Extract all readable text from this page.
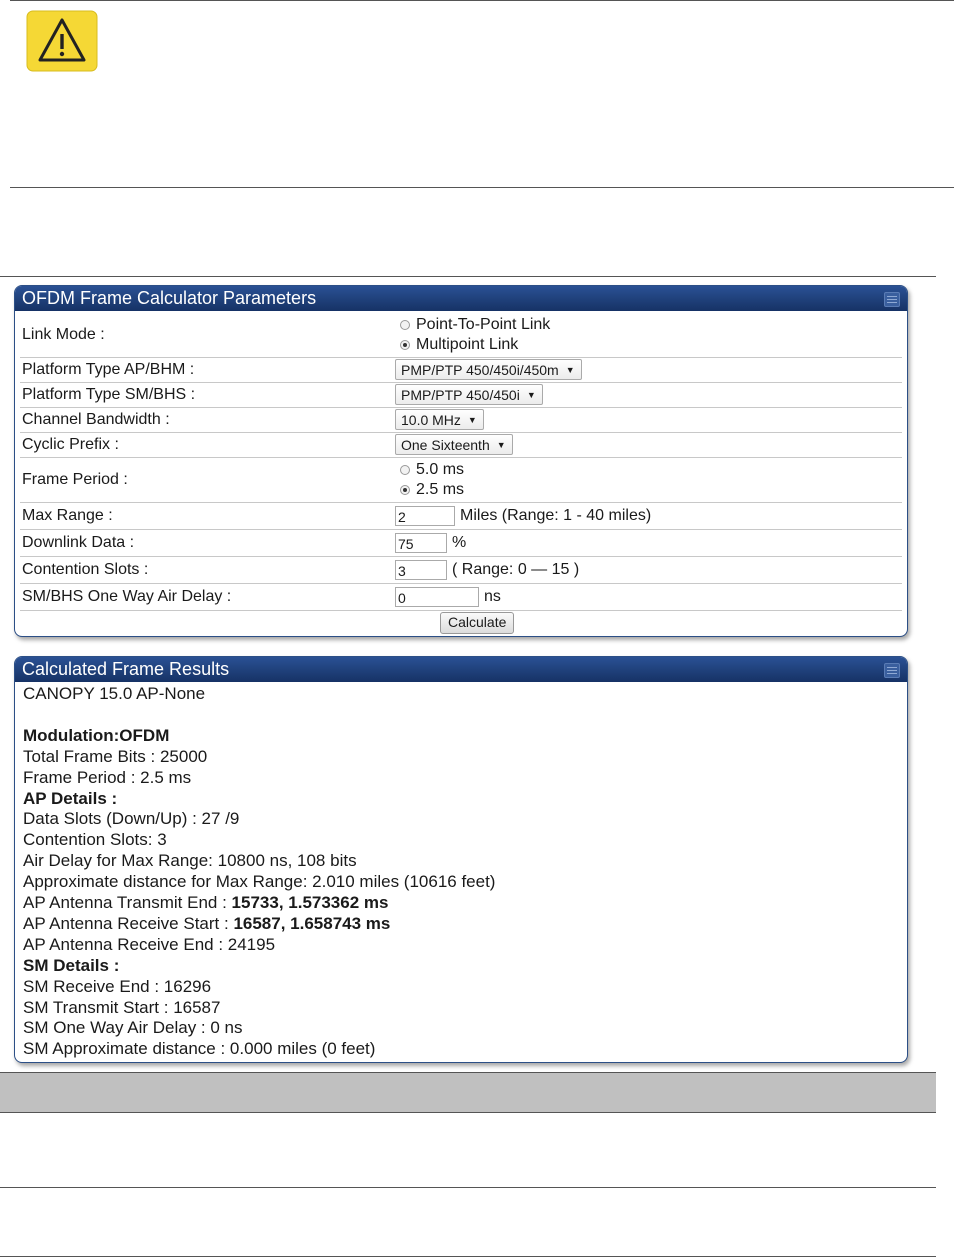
OFDM Frame Calculator Parameters
Link Mode :	Point-To-Point Link
Multipoint Link

Platform Type AP/BHM :	PMP/PTP 450/450i/450m ▼

Platform Type SM/BHS :	PMP/PTP 450/450i ▼

Channel Bandwidth :	10.0 MHz ▼

Cyclic Prefix :	One Sixteenth ▼

Frame Period :	5.0 ms
2.5 ms

Max Range :	2 Miles (Range: 1 - 40 miles)
Downlink Data :	75 %
Contention Slots :	3 ( Range: 0 — 15 )
SM/BHS One Way Air Delay :	0 ns
	Calculate
Calculated Frame Results
CANOPY 15.0 AP-None
Modulation:OFDM
Total Frame Bits : 25000
Frame Period : 2.5 ms
AP Details :
Data Slots (Down/Up) : 27 /9
Contention Slots: 3
Air Delay for Max Range: 10800 ns, 108 bits
Approximate distance for Max Range: 2.010 miles (10616 feet)
AP Antenna Transmit End : 15733, 1.573362 ms
AP Antenna Receive Start : 16587, 1.658743 ms
AP Antenna Receive End : 24195
SM Details :
SM Receive End : 16296
SM Transmit Start : 16587
SM One Way Air Delay : 0 ns
SM Approximate distance : 0.000 miles (0 feet)
